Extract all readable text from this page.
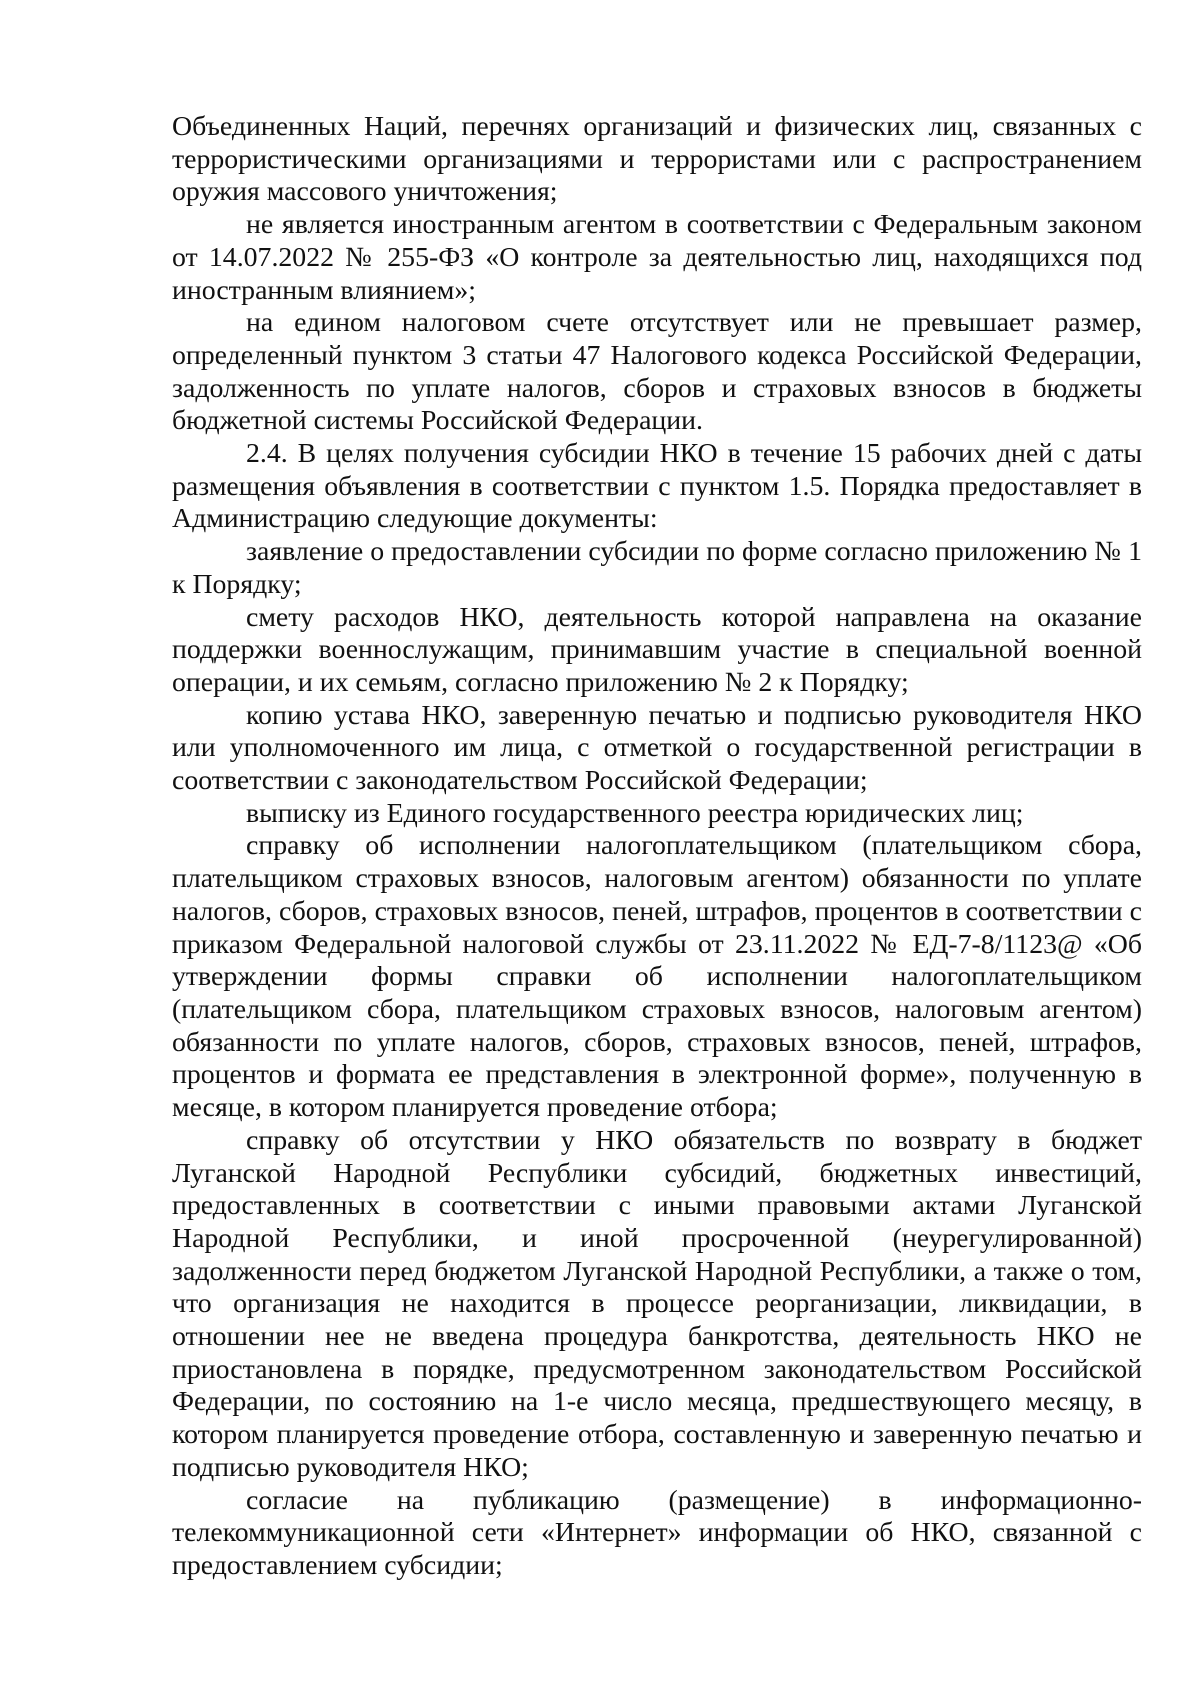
Объединенных Наций, перечнях организаций и физических лиц, связанных с террористическими организациями и террористами или с распространением оружия массового уничтожения;

не является иностранным агентом в соответствии с Федеральным законом от 14.07.2022 № 255-ФЗ «О контроле за деятельностью лиц, находящихся под иностранным влиянием»;

на едином налоговом счете отсутствует или не превышает размер, определенный пунктом 3 статьи 47 Налогового кодекса Российской Федерации, задолженность по уплате налогов, сборов и страховых взносов в бюджеты бюджетной системы Российской Федерации.

2.4. В целях получения субсидии НКО в течение 15 рабочих дней с даты размещения объявления в соответствии с пунктом 1.5. Порядка предоставляет в Администрацию следующие документы:

заявление о предоставлении субсидии по форме согласно приложению № 1 к Порядку;

смету расходов НКО, деятельность которой направлена на оказание поддержки военнослужащим, принимавшим участие в специальной военной операции, и их семьям, согласно приложению № 2 к Порядку;

копию устава НКО, заверенную печатью и подписью руководителя НКО или уполномоченного им лица, с отметкой о государственной регистрации в соответствии с законодательством Российской Федерации;

выписку из Единого государственного реестра юридических лиц;

справку об исполнении налогоплательщиком (плательщиком сбора, плательщиком страховых взносов, налоговым агентом) обязанности по уплате налогов, сборов, страховых взносов, пеней, штрафов, процентов в соответствии с приказом Федеральной налоговой службы от 23.11.2022 № ЕД-7-8/1123@ «Об утверждении формы справки об исполнении налогоплательщиком (плательщиком сбора, плательщиком страховых взносов, налоговым агентом) обязанности по уплате налогов, сборов, страховых взносов, пеней, штрафов, процентов и формата ее представления в электронной форме», полученную в месяце, в котором планируется проведение отбора;

справку об отсутствии у НКО обязательств по возврату в бюджет Луганской Народной Республики субсидий, бюджетных инвестиций, предоставленных в соответствии с иными правовыми актами Луганской Народной Республики, и иной просроченной (неурегулированной) задолженности перед бюджетом Луганской Народной Республики, а также о том, что организация не находится в процессе реорганизации, ликвидации, в отношении нее не введена процедура банкротства, деятельность НКО не приостановлена в порядке, предусмотренном законодательством Российской Федерации, по состоянию на 1-е число месяца, предшествующего месяцу, в котором планируется проведение отбора, составленную и заверенную печатью и подписью руководителя НКО;

согласие на публикацию (размещение) в информационно-телекоммуникационной сети «Интернет» информации об НКО, связанной с предоставлением субсидии;
